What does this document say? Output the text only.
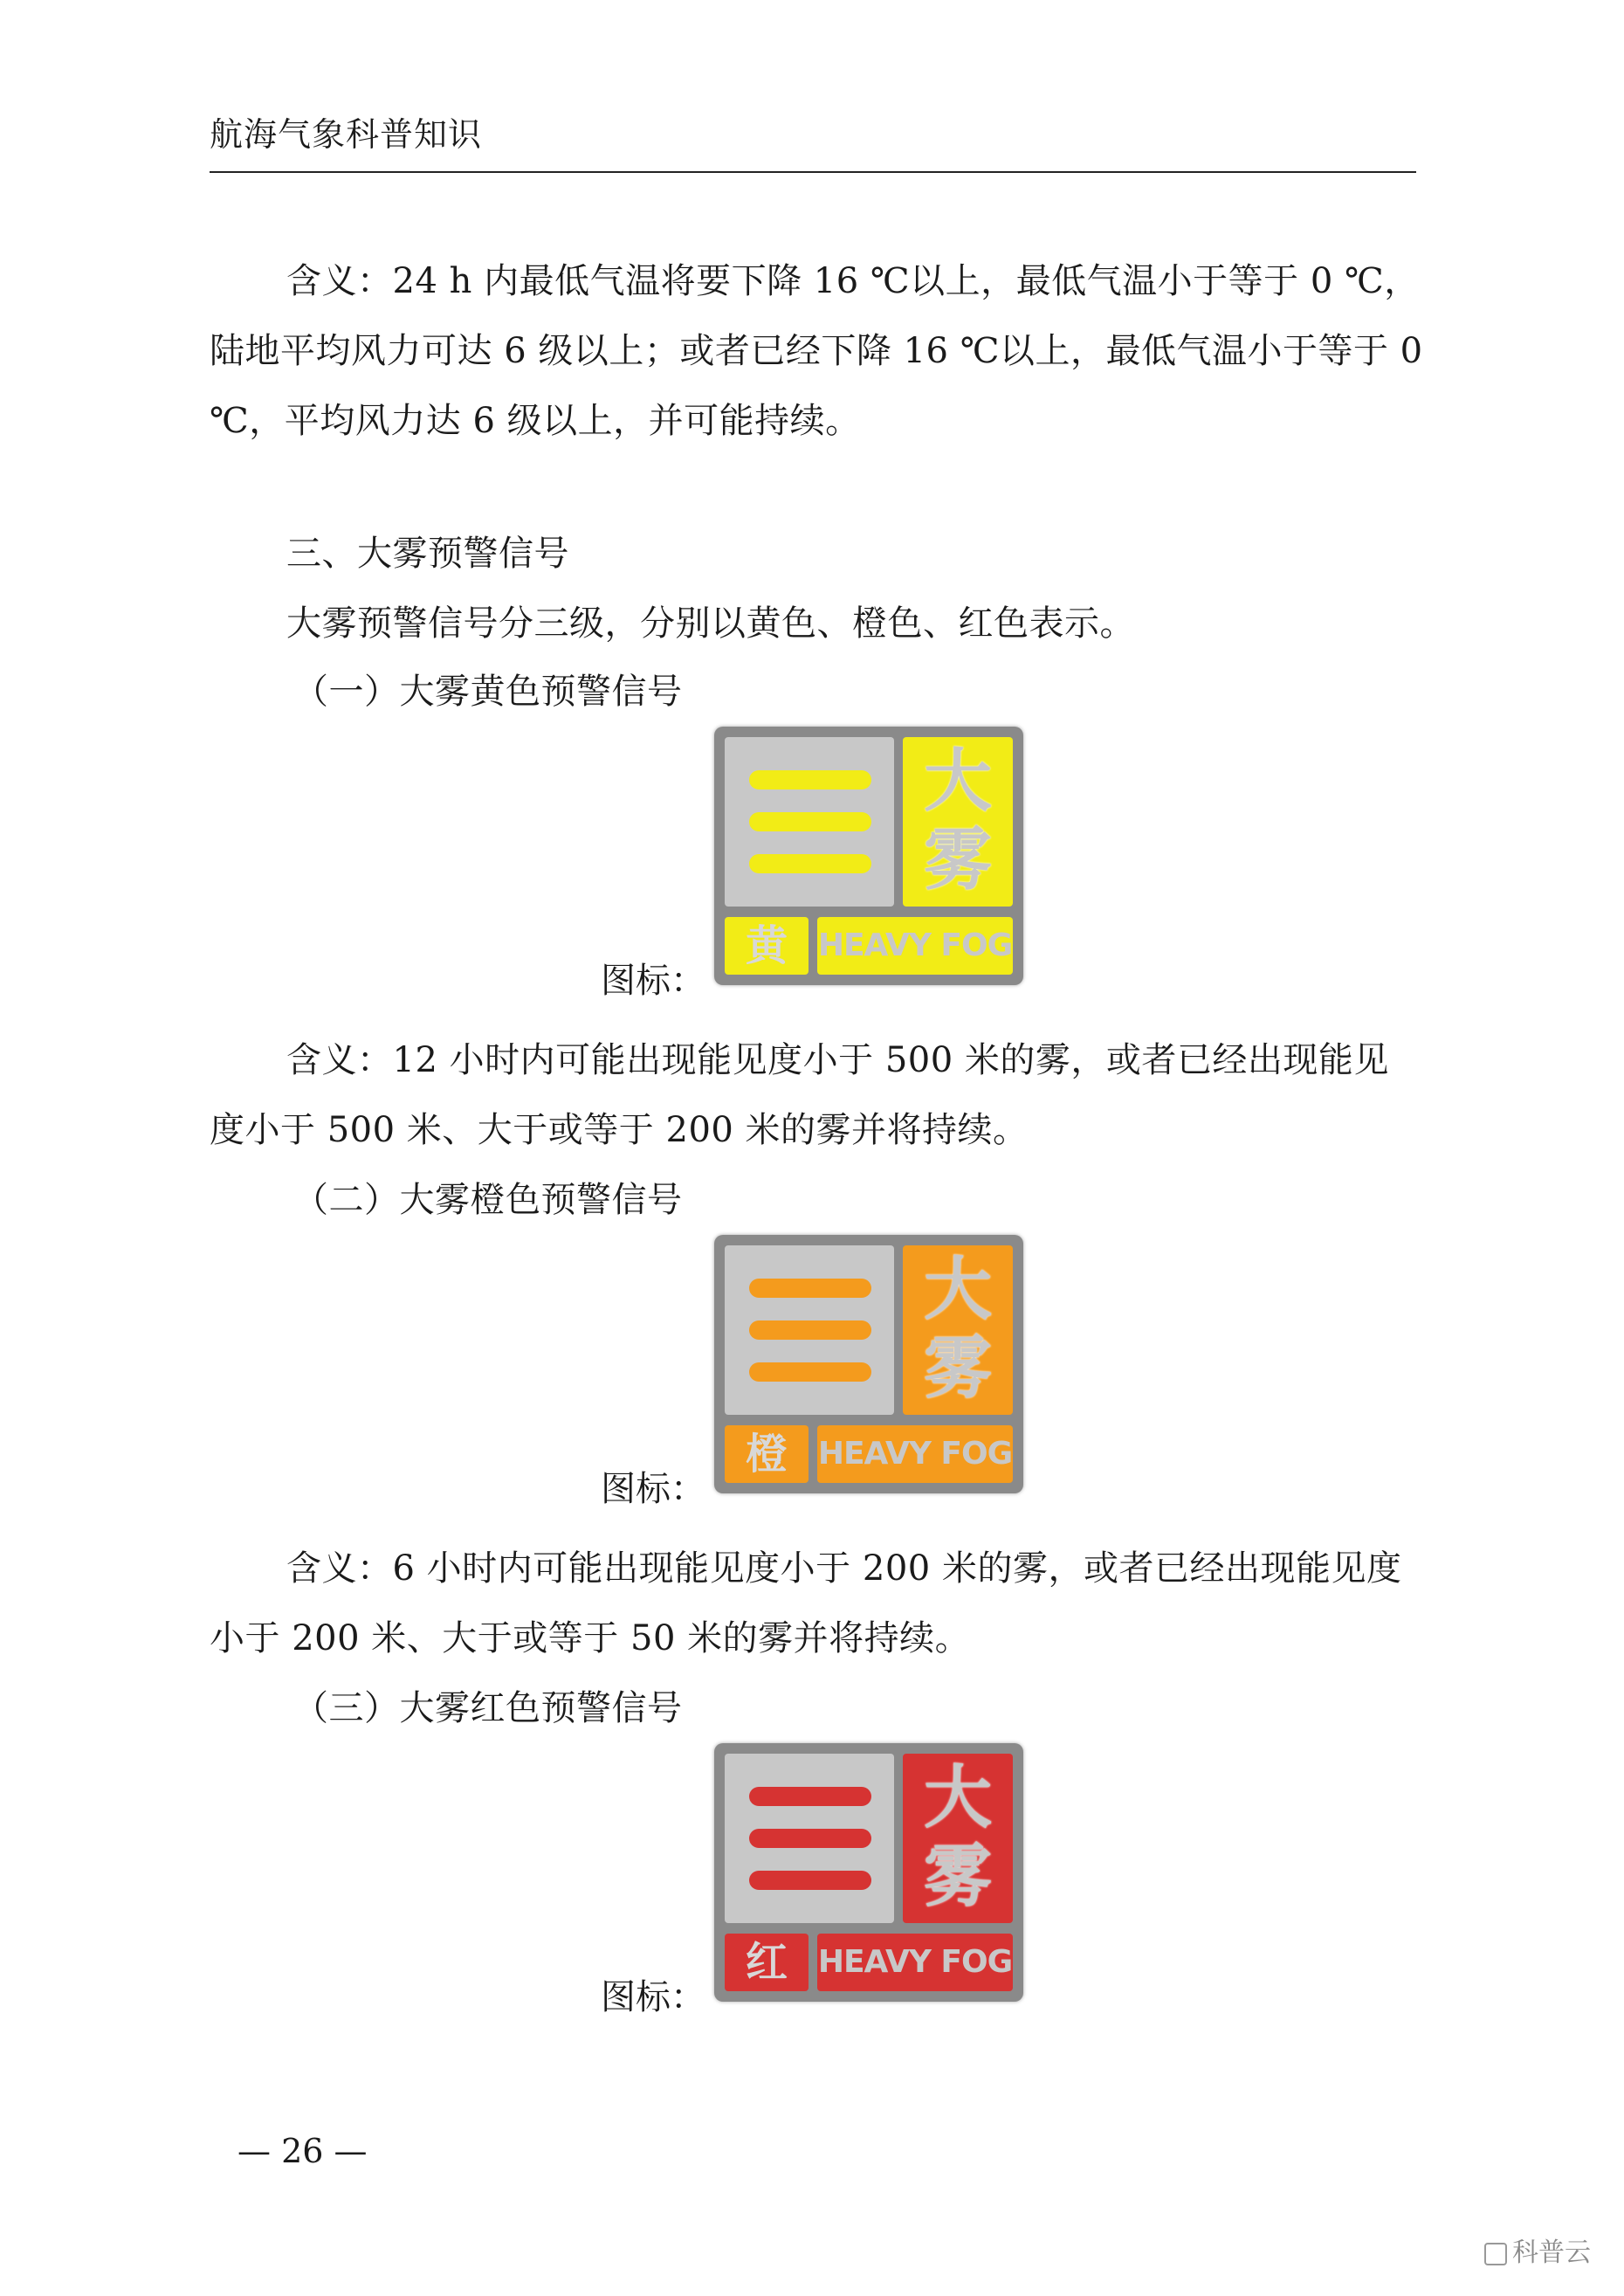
航海气象科普知识

含义：24 h 内最低气温将要下降 16 ℃以上，最低气温小于等于 0 ℃，陆地平均风力可达 6 级以上；或者已经下降 16 ℃以上，最低气温小于等于 0 ℃，平均风力达 6 级以上，并可能持续。

三、大雾预警信号
大雾预警信号分三级，分别以黄色、橙色、红色表示。
（一）大雾黄色预警信号
大
雾
黄 HEAVY FOG
图标：

含义：12 小时内可能出现能见度小于 500 米的雾，或者已经出现能见度小于 500 米、大于或等于 200 米的雾并将持续。

（二）大雾橙色预警信号
大
雾
橙 HEAVY FOG
图标：

含义：6 小时内可能出现能见度小于 200 米的雾，或者已经出现能见度小于 200 米、大于或等于 50 米的雾并将持续。

（三）大雾红色预警信号
大
雾
红 HEAVY FOG
图标：
— 26 —
科普云
